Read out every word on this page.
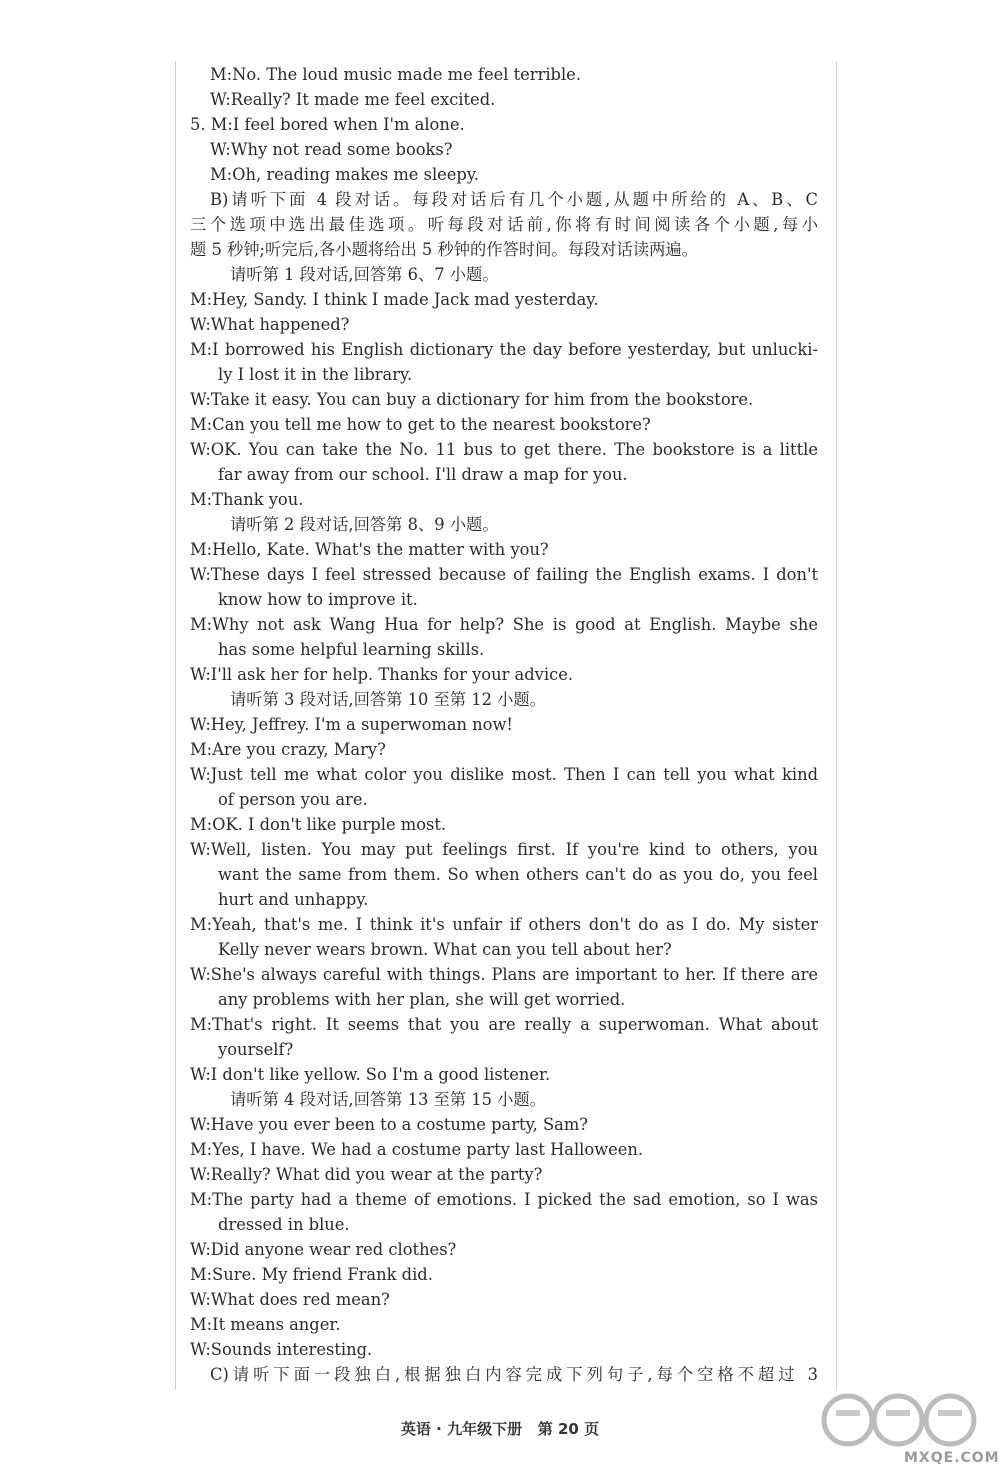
M:No. The loud music made me feel terrible.
W:Really? It made me feel excited.
5. M:I feel bored when I'm alone.
W:Why not read some books?
M:Oh, reading makes me sleepy.
B)请听下面 4 段对话。每段对话后有几个小题,从题中所给的 A、B、C
三个选项中选出最佳选项。听每段对话前,你将有时间阅读各个小题,每小
题 5 秒钟;听完后,各小题将给出 5 秒钟的作答时间。每段对话读两遍。
请听第 1 段对话,回答第 6、7 小题。
M:Hey, Sandy. I think I made Jack mad yesterday.
W:What happened?
M:I borrowed his English dictionary the day before yesterday, but unlucki-
ly I lost it in the library.
W:Take it easy. You can buy a dictionary for him from the bookstore.
M:Can you tell me how to get to the nearest bookstore?
W:OK. You can take the No. 11 bus to get there. The bookstore is a little
far away from our school. I'll draw a map for you.
M:Thank you.
请听第 2 段对话,回答第 8、9 小题。
M:Hello, Kate. What's the matter with you?
W:These days I feel stressed because of failing the English exams. I don't
know how to improve it.
M:Why not ask Wang Hua for help? She is good at English. Maybe she
has some helpful learning skills.
W:I'll ask her for help. Thanks for your advice.
请听第 3 段对话,回答第 10 至第 12 小题。
W:Hey, Jeffrey. I'm a superwoman now!
M:Are you crazy, Mary?
W:Just tell me what color you dislike most. Then I can tell you what kind
of person you are.
M:OK. I don't like purple most.
W:Well, listen. You may put feelings first. If you're kind to others, you
want the same from them. So when others can't do as you do, you feel
hurt and unhappy.
M:Yeah, that's me. I think it's unfair if others don't do as I do. My sister
Kelly never wears brown. What can you tell about her?
W:She's always careful with things. Plans are important to her. If there are
any problems with her plan, she will get worried.
M:That's right. It seems that you are really a superwoman. What about
yourself?
W:I don't like yellow. So I'm a good listener.
请听第 4 段对话,回答第 13 至第 15 小题。
W:Have you ever been to a costume party, Sam?
M:Yes, I have. We had a costume party last Halloween.
W:Really? What did you wear at the party?
M:The party had a theme of emotions. I picked the sad emotion, so I was
dressed in blue.
W:Did anyone wear red clothes?
M:Sure. My friend Frank did.
W:What does red mean?
M:It means anger.
W:Sounds interesting.
C)请听下面一段独白,根据独白内容完成下列句子,每个空格不超过 3
英语 · 九年级下册 第 20 页
MXQE.COM
